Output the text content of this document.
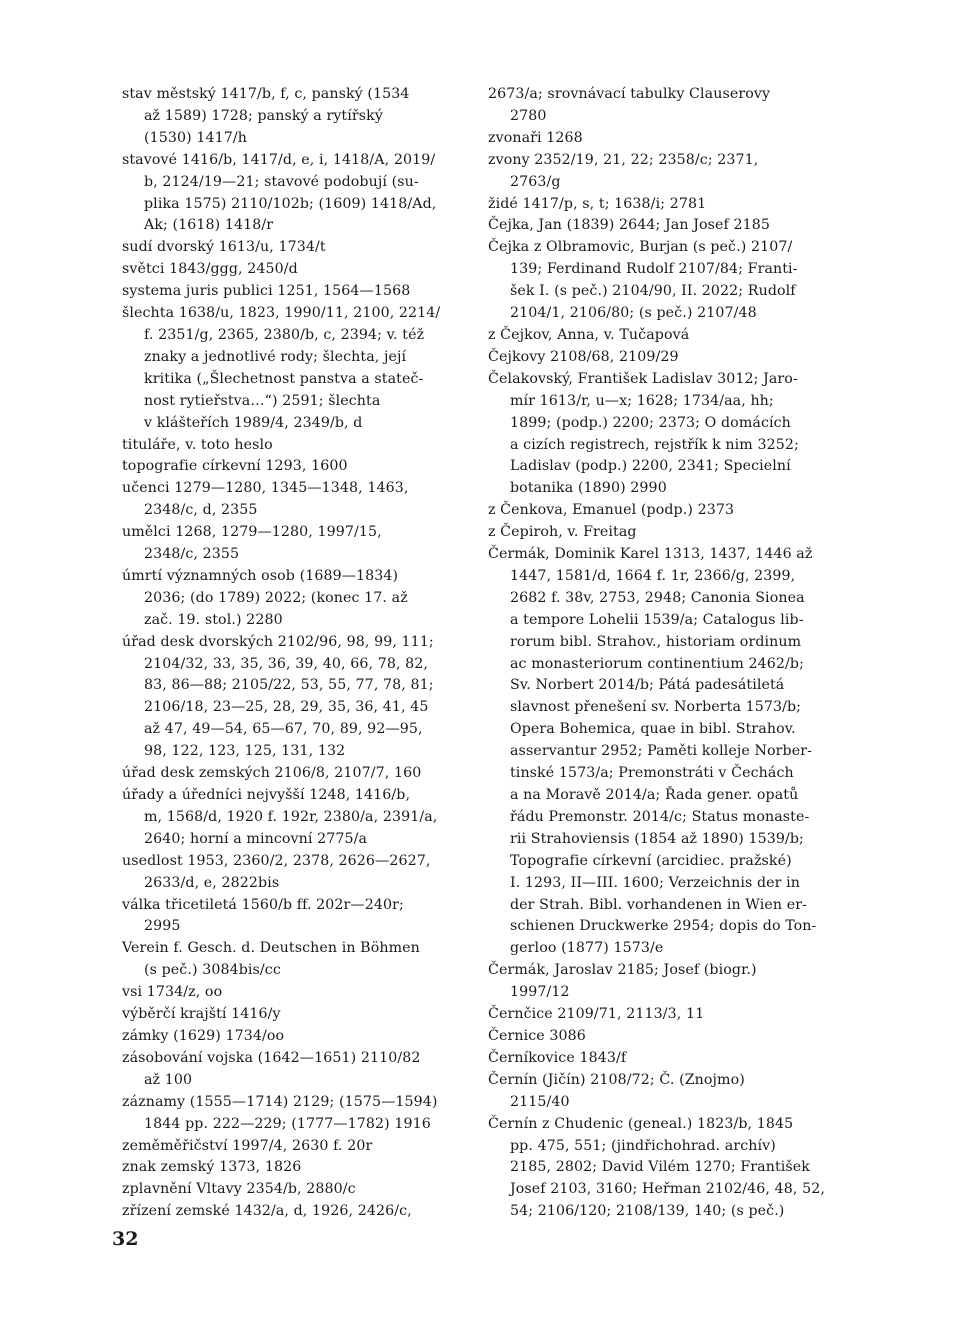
stav městský 1417/b, f, c, panský (1534
až 1589) 1728; panský a rytířský
(1530) 1417/h

stavové 1416/b, 1417/d, e, i, 1418/A, 2019/
b, 2124/19—21; stavové podobují (su-
plika 1575) 2110/102b; (1609) 1418/Ad,
Ak; (1618) 1418/r

sudí dvorský 1613/u, 1734/t

světci 1843/ggg, 2450/d

systema juris publici 1251, 1564—1568

šlechta 1638/u, 1823, 1990/11, 2100, 2214/
f. 2351/g, 2365, 2380/b, c, 2394; v. též
znaky a jednotlivé rody; šlechta, její
kritika („Šlechetnost panstva a stateč-
nost rytieřstva…“) 2591; šlechta
v klášteřích 1989/4, 2349/b, d

tituláře, v. toto heslo

topografie církevní 1293, 1600

učenci 1279—1280, 1345—1348, 1463,
2348/c, d, 2355

umělci 1268, 1279—1280, 1997/15,
2348/c, 2355

úmrtí významných osob (1689—1834)
2036; (do 1789) 2022; (konec 17. až
zač. 19. stol.) 2280

úřad desk dvorských 2102/96, 98, 99, 111;
2104/32, 33, 35, 36, 39, 40, 66, 78, 82,
83, 86—88; 2105/22, 53, 55, 77, 78, 81;
2106/18, 23—25, 28, 29, 35, 36, 41, 45
až 47, 49—54, 65—67, 70, 89, 92—95,
98, 122, 123, 125, 131, 132

úřad desk zemských 2106/8, 2107/7, 160

úřady a úředníci nejvyšší 1248, 1416/b,
m, 1568/d, 1920 f. 192r, 2380/a, 2391/a,
2640; horní a mincovní 2775/a

usedlost 1953, 2360/2, 2378, 2626—2627,
2633/d, e, 2822bis

válka třicetiletá 1560/b ff. 202r—240r;
2995

Verein f. Gesch. d. Deutschen in Böhmen
(s peč.) 3084bis/cc

vsi 1734/z, oo

výběrčí krajští 1416/y

zámky (1629) 1734/oo

zásobování vojska (1642—1651) 2110/82
až 100

záznamy (1555—1714) 2129; (1575—1594)
1844 pp. 222—229; (1777—1782) 1916

zeměměřičství 1997/4, 2630 f. 20r

znak zemský 1373, 1826

zplavnění Vltavy 2354/b, 2880/c

zřízení zemské 1432/a, d, 1926, 2426/c,

2673/a; srovnávací tabulky Clauserovy
2780

zvonaři 1268

zvony 2352/19, 21, 22; 2358/c; 2371,
2763/g

židé 1417/p, s, t; 1638/i; 2781

Čejka, Jan (1839) 2644; Jan Josef 2185

Čejka z Olbramovic, Burjan (s peč.) 2107/
139; Ferdinand Rudolf 2107/84; Franti-
šek I. (s peč.) 2104/90, II. 2022; Rudolf
2104/1, 2106/80; (s peč.) 2107/48

z Čejkov, Anna, v. Tučapová

Čejkovy 2108/68, 2109/29

Čelakovský, František Ladislav 3012; Jaro-
mír 1613/r, u—x; 1628; 1734/aa, hh;
1899; (podp.) 2200; 2373; O domácích
a cizích registrech, rejstřík k nim 3252;
Ladislav (podp.) 2200, 2341; Specielní
botanika (1890) 2990

z Čenkova, Emanuel (podp.) 2373

z Čepiroh, v. Freitag

Čermák, Dominik Karel 1313, 1437, 1446 až
1447, 1581/d, 1664 f. 1r, 2366/g, 2399,
2682 f. 38v, 2753, 2948; Canonia Sionea
a tempore Lohelii 1539/a; Catalogus lib-
rorum bibl. Strahov., historiam ordinum
ac monasteriorum continentium 2462/b;
Sv. Norbert 2014/b; Pátá padesátiletá
slavnost přenešení sv. Norberta 1573/b;
Opera Bohemica, quae in bibl. Strahov.
asservantur 2952; Paměti kolleje Norber-
tinské 1573/a; Premonstráti v Čechách
a na Moravě 2014/a; Řada gener. opatů
řádu Premonstr. 2014/c; Status monaste-
rii Strahoviensis (1854 až 1890) 1539/b;
Topografie církevní (arcidiec. pražské)
I. 1293, II—III. 1600; Verzeichnis der in
der Strah. Bibl. vorhandenen in Wien er-
schienen Druckwerke 2954; dopis do Ton-
gerloo (1877) 1573/e

Čermák, Jaroslav 2185; Josef (biogr.)
1997/12

Černčice 2109/71, 2113/3, 11

Černice 3086

Černíkovice 1843/f

Černín (Jičín) 2108/72; Č. (Znojmo)
2115/40

Černín z Chudenic (geneal.) 1823/b, 1845
pp. 475, 551; (jindřichohrad. archív)
2185, 2802; David Vilém 1270; František
Josef 2103, 3160; Heřman 2102/46, 48, 52,
54; 2106/120; 2108/139, 140; (s peč.)

32
